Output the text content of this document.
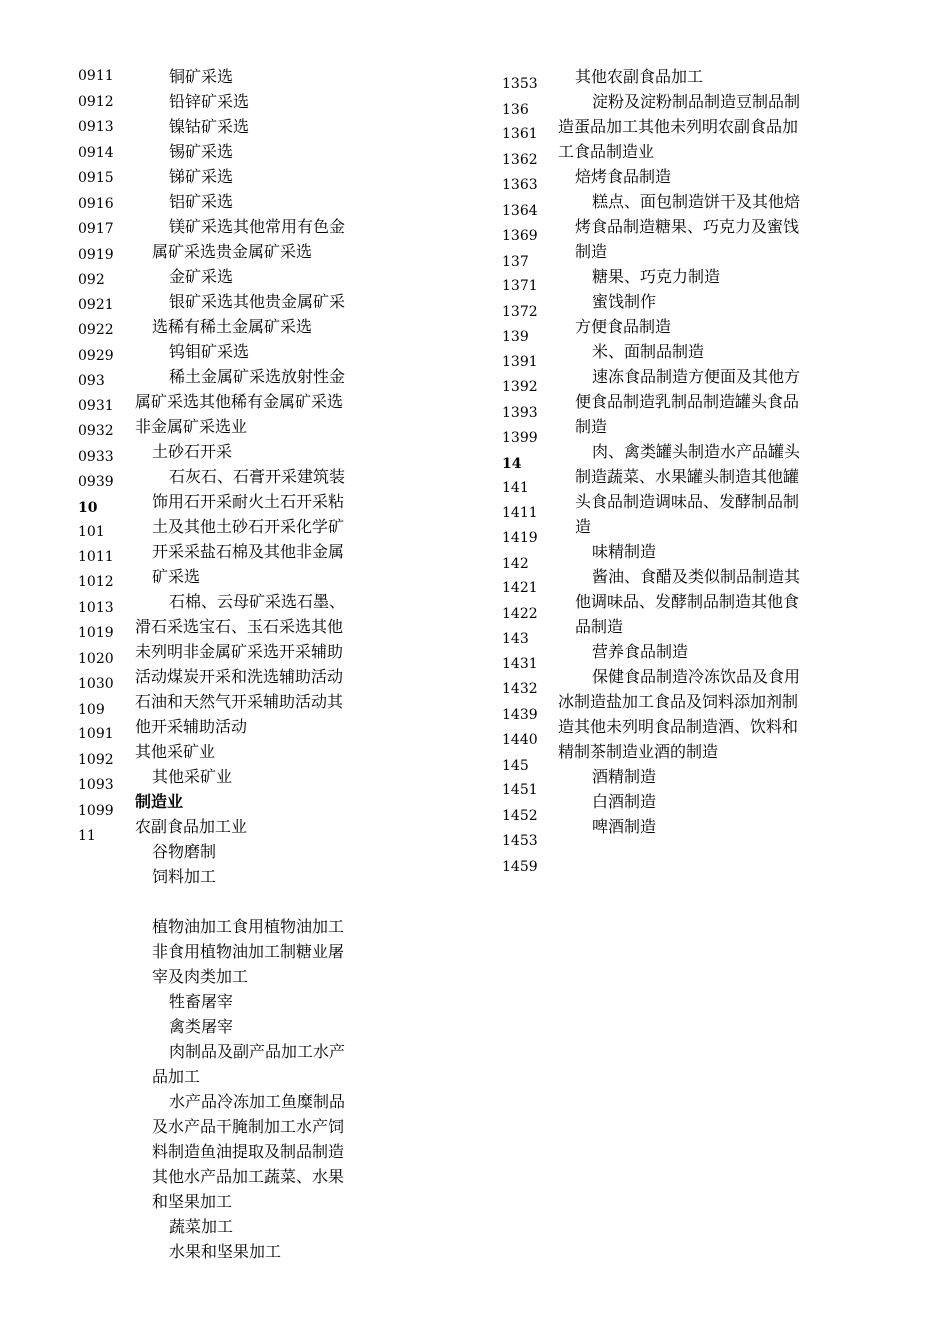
0911
0912
0913
0914
0915
0916
0917
0919
092
0921
0922
0929
093
0931
0932
0933
0939
10
101
1011
1012
1013
1019
1020
1030
109
1091
1092
1093
1099
11
铜矿采选
铅锌矿采选
镍钴矿采选
锡矿采选
锑矿采选
铝矿采选
镁矿采选其他常用有色金
属矿采选贵金属矿采选
金矿采选
银矿采选其他贵金属矿采
选稀有稀土金属矿采选
钨钼矿采选
稀土金属矿采选放射性金
属矿采选其他稀有金属矿采选
非金属矿采选业
土砂石开采
石灰石、石膏开采建筑装
饰用石开采耐火土石开采粘
土及其他土砂石开采化学矿
开采采盐石棉及其他非金属
矿采选
石棉、云母矿采选石墨、
滑石采选宝石、玉石采选其他
未列明非金属矿采选开采辅助
活动煤炭开采和洗选辅助活动
石油和天然气开采辅助活动其
他开采辅助活动
其他采矿业
其他采矿业
制造业
农副食品加工业
谷物磨制
饲料加工
植物油加工食用植物油加工
非食用植物油加工制糖业屠
宰及肉类加工
牲畜屠宰
禽类屠宰
肉制品及副产品加工水产
品加工
水产品冷冻加工鱼糜制品
及水产品干腌制加工水产饲
料制造鱼油提取及制品制造
其他水产品加工蔬菜、水果
和坚果加工
蔬菜加工
水果和坚果加工
1353
136
1361
1362
1363
1364
1369
137
1371
1372
139
1391
1392
1393
1399
14
141
1411
1419
142
1421
1422
143
1431
1432
1439
1440
145
1451
1452
1453
1459
其他农副食品加工
淀粉及淀粉制品制造豆制品制
造蛋品加工其他未列明农副食品加
工食品制造业
焙烤食品制造
糕点、面包制造饼干及其他焙
烤食品制造糖果、巧克力及蜜饯
制造
糖果、巧克力制造
蜜饯制作
方便食品制造
米、面制品制造
速冻食品制造方便面及其他方
便食品制造乳制品制造罐头食品
制造
肉、禽类罐头制造水产品罐头
制造蔬菜、水果罐头制造其他罐
头食品制造调味品、发酵制品制
造
味精制造
酱油、食醋及类似制品制造其
他调味品、发酵制品制造其他食
品制造
营养食品制造
保健食品制造冷冻饮品及食用
冰制造盐加工食品及饲料添加剂制
造其他未列明食品制造酒、饮料和
精制茶制造业酒的制造
酒精制造
白酒制造
啤酒制造
